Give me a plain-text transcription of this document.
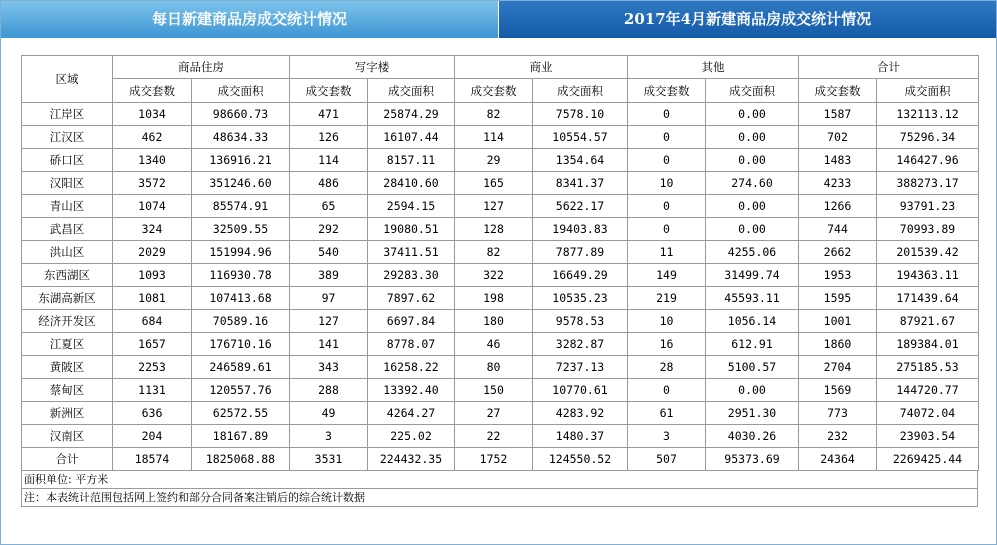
每日新建商品房成交统计情况	2017年4月新建商品房成交统计情况
区域	商品住房		写字楼		商业		其他		合计	
	成交套数	成交面积	成交套数	成交面积	成交套数	成交面积	成交套数	成交面积	成交套数	成交面积
江岸区	1034	98660.73	471	25874.29	82	7578.10	0	0.00	1587	132113.12
江汉区	462	48634.33	126	16107.44	114	10554.57	0	0.00	702	75296.34
硚口区	1340	136916.21	114	8157.11	29	1354.64	0	0.00	1483	146427.96
汉阳区	3572	351246.60	486	28410.60	165	8341.37	10	274.60	4233	388273.17
青山区	1074	85574.91	65	2594.15	127	5622.17	0	0.00	1266	93791.23
武昌区	324	32509.55	292	19080.51	128	19403.83	0	0.00	744	70993.89
洪山区	2029	151994.96	540	37411.51	82	7877.89	11	4255.06	2662	201539.42
东西湖区	1093	116930.78	389	29283.30	322	16649.29	149	31499.74	1953	194363.11
东湖高新区	1081	107413.68	97	7897.62	198	10535.23	219	45593.11	1595	171439.64
经济开发区	684	70589.16	127	6697.84	180	9578.53	10	1056.14	1001	87921.67
江夏区	1657	176710.16	141	8778.07	46	3282.87	16	612.91	1860	189384.01
黄陂区	2253	246589.61	343	16258.22	80	7237.13	28	5100.57	2704	275185.53
蔡甸区	1131	120557.76	288	13392.40	150	10770.61	0	0.00	1569	144720.77
新洲区	636	62572.55	49	4264.27	27	4283.92	61	2951.30	773	74072.04
汉南区	204	18167.89	3	225.02	22	1480.37	3	4030.26	232	23903.54
合计	18574	1825068.88	3531	224432.35	1752	124550.52	507	95373.69	24364	2269425.44
面积单位: 平方米
注：本表统计范围包括网上签约和部分合同备案注销后的综合统计数据
